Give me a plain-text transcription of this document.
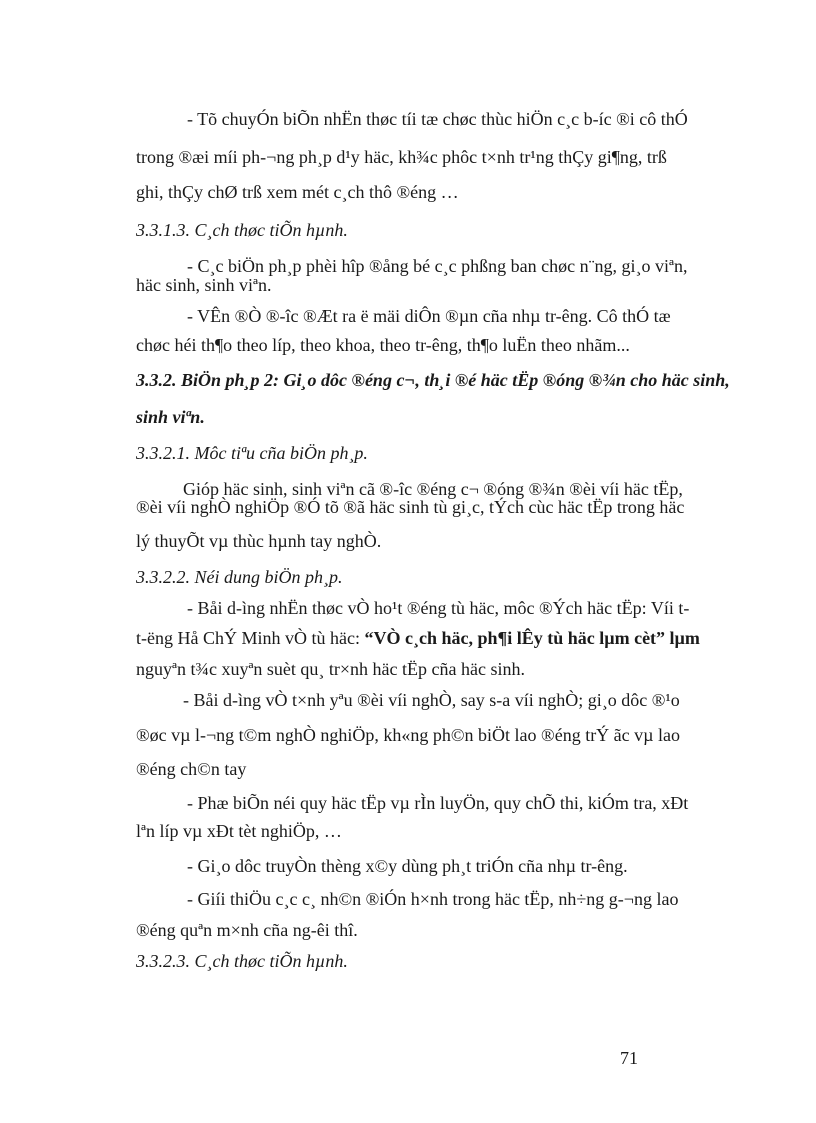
- Tõ chuyÓn biÕn nhËn thøc tíi tæ chøc thùc hiÖn c¸c b-íc ®i cô thÓ
trong ®æi míi ph-¬ng ph¸p d¹y häc, kh¾c phôc t×nh tr¹ng thÇy gi¶ng, trß
ghi, thÇy chØ trß xem mét c¸ch thô ®éng …
3.3.1.3. C¸ch thøc tiÕn hµnh.
- C¸c biÖn ph¸p phèi hîp ®ång bé c¸c phßng ban chøc n¨ng, gi¸o viªn,
häc sinh, sinh viªn.
- VÊn ®Ò ®-îc ®Æt ra ë mäi diÔn ®µn cña nhµ tr-êng. Cô thÓ tæ
chøc héi th¶o theo líp, theo khoa, theo tr-êng, th¶o luËn theo nhãm...
3.3.2. BiÖn ph¸p 2: Gi¸o dôc ®éng c¬, th¸i ®é häc tËp ®óng ®¾n cho häc sinh,
sinh viªn.
3.3.2.1. Môc tiªu cña biÖn ph¸p.
Gióp häc sinh, sinh viªn cã ®-îc ®éng c¬ ®óng ®¾n ®èi víi häc tËp,
®èi víi nghÒ nghiÖp ®Ó tõ ®ã häc sinh tù gi¸c, tÝch cùc häc tËp trong häc
lý thuyÕt vµ thùc hµnh tay nghÒ.
3.3.2.2. Néi dung biÖn ph¸p.
- Båi d-ìng nhËn thøc vÒ ho¹t ®éng tù häc, môc ®Ých häc tËp: Víi t-
t-ëng Hå ChÝ Minh vÒ tù häc: “VÒ c¸ch häc, ph¶i lÊy tù häc lµm cèt” lµm
nguyªn t¾c xuyªn suèt qu¸ tr×nh häc tËp cña häc sinh.
- Båi d-ìng vÒ t×nh yªu ®èi víi nghÒ, say s-a víi nghÒ; gi¸o dôc ®¹o
®øc vµ l-¬ng t©m nghÒ nghiÖp, kh«ng ph©n biÖt lao ®éng trÝ ãc vµ lao
®éng ch©n tay
- Phæ biÕn néi quy häc tËp vµ rÌn luyÖn, quy chÕ thi, kiÓm tra, xÐt
lªn líp vµ xÐt tèt nghiÖp, …
- Gi¸o dôc truyÒn thèng x©y dùng ph¸t triÓn cña nhµ tr-êng.
- Giíi thiÖu c¸c c¸ nh©n ®iÓn h×nh trong häc tËp, nh÷ng g-¬ng lao
®éng quªn m×nh cña ng-êi thî.
3.3.2.3. C¸ch thøc tiÕn hµnh.
71
